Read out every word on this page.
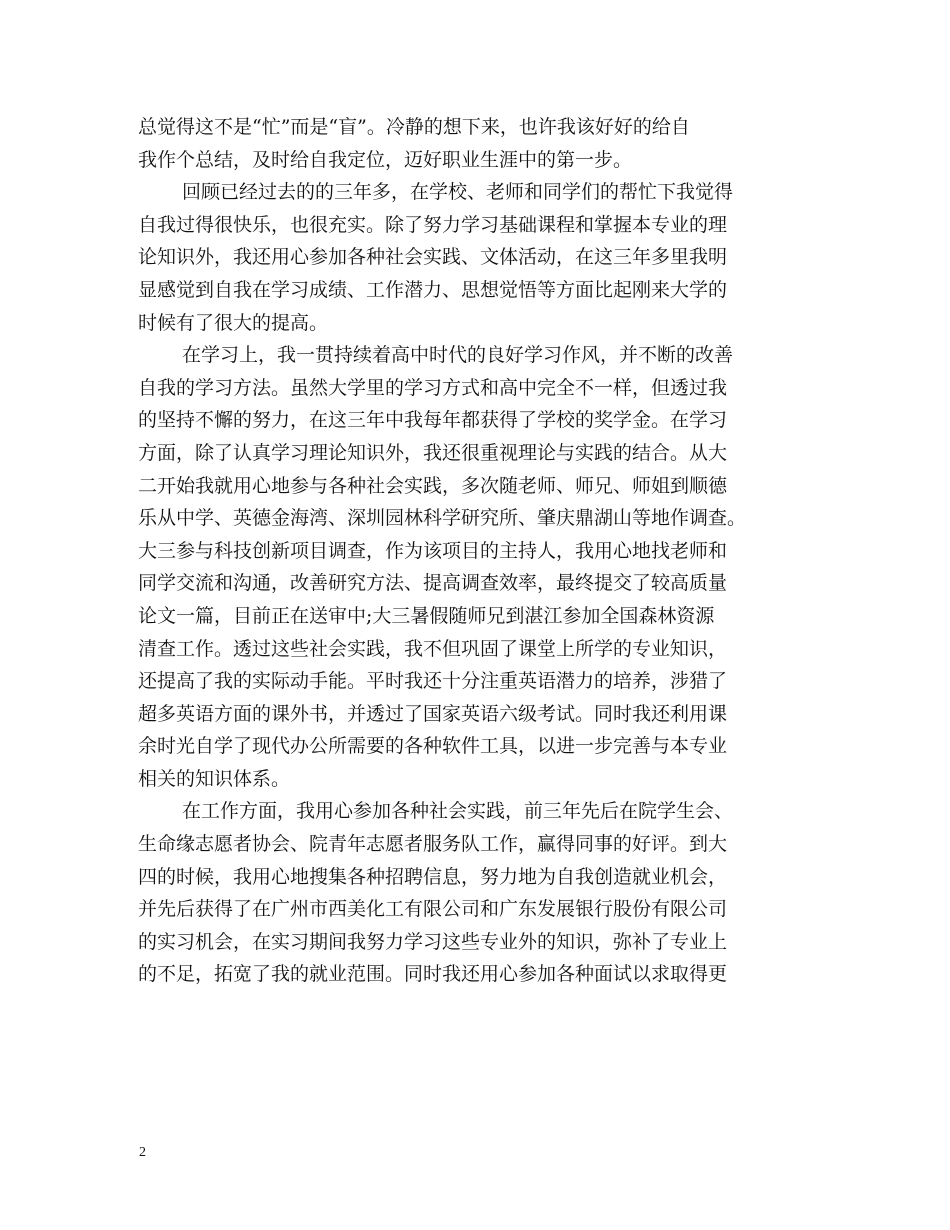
总觉得这不是“忙”而是“盲”。冷静的想下来，也许我该好好的给自
我作个总结，及时给自我定位，迈好职业生涯中的第一步。
回顾已经过去的的三年多，在学校、老师和同学们的帮忙下我觉得
自我过得很快乐，也很充实。除了努力学习基础课程和掌握本专业的理
论知识外，我还用心参加各种社会实践、文体活动，在这三年多里我明
显感觉到自我在学习成绩、工作潜力、思想觉悟等方面比起刚来大学的
时候有了很大的提高。
在学习上，我一贯持续着高中时代的良好学习作风，并不断的改善
自我的学习方法。虽然大学里的学习方式和高中完全不一样，但透过我
的坚持不懈的努力，在这三年中我每年都获得了学校的奖学金。在学习
方面，除了认真学习理论知识外，我还很重视理论与实践的结合。从大
二开始我就用心地参与各种社会实践，多次随老师、师兄、师姐到顺德
乐从中学、英德金海湾、深圳园林科学研究所、肇庆鼎湖山等地作调查。
大三参与科技创新项目调查，作为该项目的主持人，我用心地找老师和
同学交流和沟通，改善研究方法、提高调查效率，最终提交了较高质量
论文一篇，目前正在送审中;大三暑假随师兄到湛江参加全国森林资源
清查工作。透过这些社会实践，我不但巩固了课堂上所学的专业知识，
还提高了我的实际动手能。平时我还十分注重英语潜力的培养，涉猎了
超多英语方面的课外书，并透过了国家英语六级考试。同时我还利用课
余时光自学了现代办公所需要的各种软件工具，以进一步完善与本专业
相关的知识体系。
在工作方面，我用心参加各种社会实践，前三年先后在院学生会、
生命缘志愿者协会、院青年志愿者服务队工作，赢得同事的好评。到大
四的时候，我用心地搜集各种招聘信息，努力地为自我创造就业机会，
并先后获得了在广州市西美化工有限公司和广东发展银行股份有限公司
的实习机会，在实习期间我努力学习这些专业外的知识，弥补了专业上
的不足，拓宽了我的就业范围。同时我还用心参加各种面试以求取得更
2
